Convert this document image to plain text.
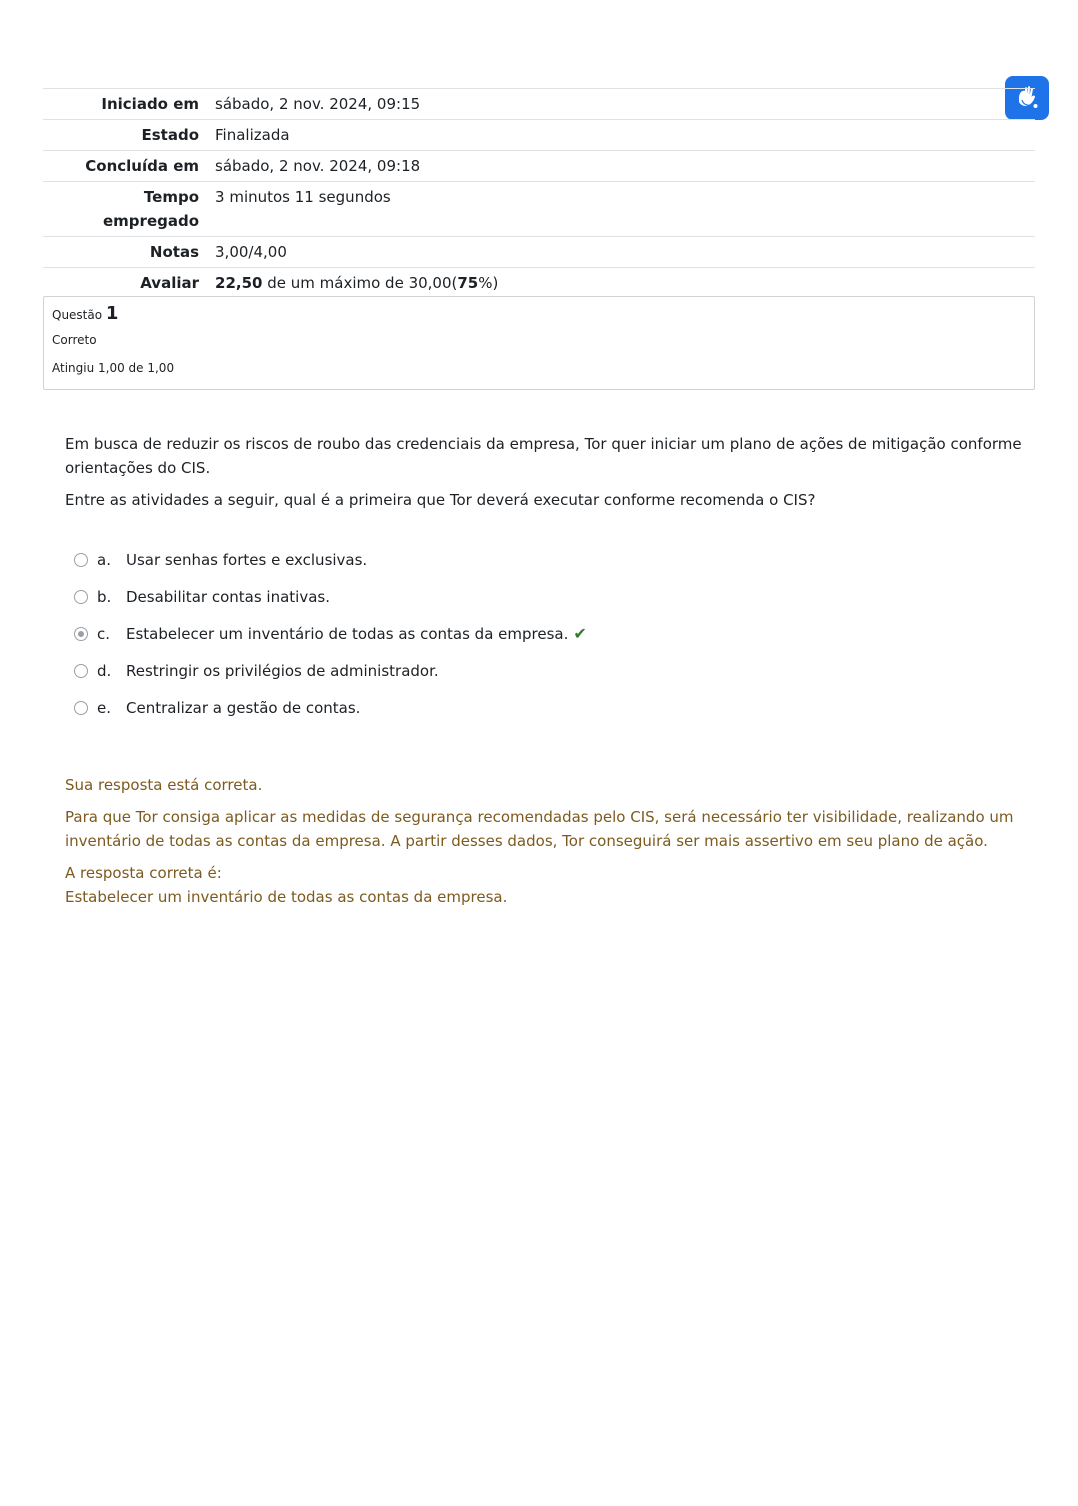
Iniciado em	sábado, 2 nov. 2024, 09:15
Estado	Finalizada
Concluída em	sábado, 2 nov. 2024, 09:18
Tempo empregado	3 minutos 11 segundos
Notas	3,00/4,00
Avaliar	22,50 de um máximo de 30,00(75%)
Questão 1
Correto
Atingiu 1,00 de 1,00

Em busca de reduzir os riscos de roubo das credenciais da empresa, Tor quer iniciar um plano de ações de mitigação conforme orientações do CIS.

Entre as atividades a seguir, qual é a primeira que Tor deverá executar conforme recomenda o CIS?

a.	Usar senhas fortes e exclusivas.
b. Desabilitar contas inativas.
c.	Estabelecer um inventário de todas as contas da empresa. ✔
d. Restringir os privilégios de administrador.
e.	Centralizar a gestão de contas.

Sua resposta está correta.

Para que Tor consiga aplicar as medidas de segurança recomendadas pelo CIS, será necessário ter visibilidade, realizando um inventário de todas as contas da empresa. A partir desses dados, Tor conseguirá ser mais assertivo em seu plano de ação.

A resposta correta é:
Estabelecer um inventário de todas as contas da empresa.
